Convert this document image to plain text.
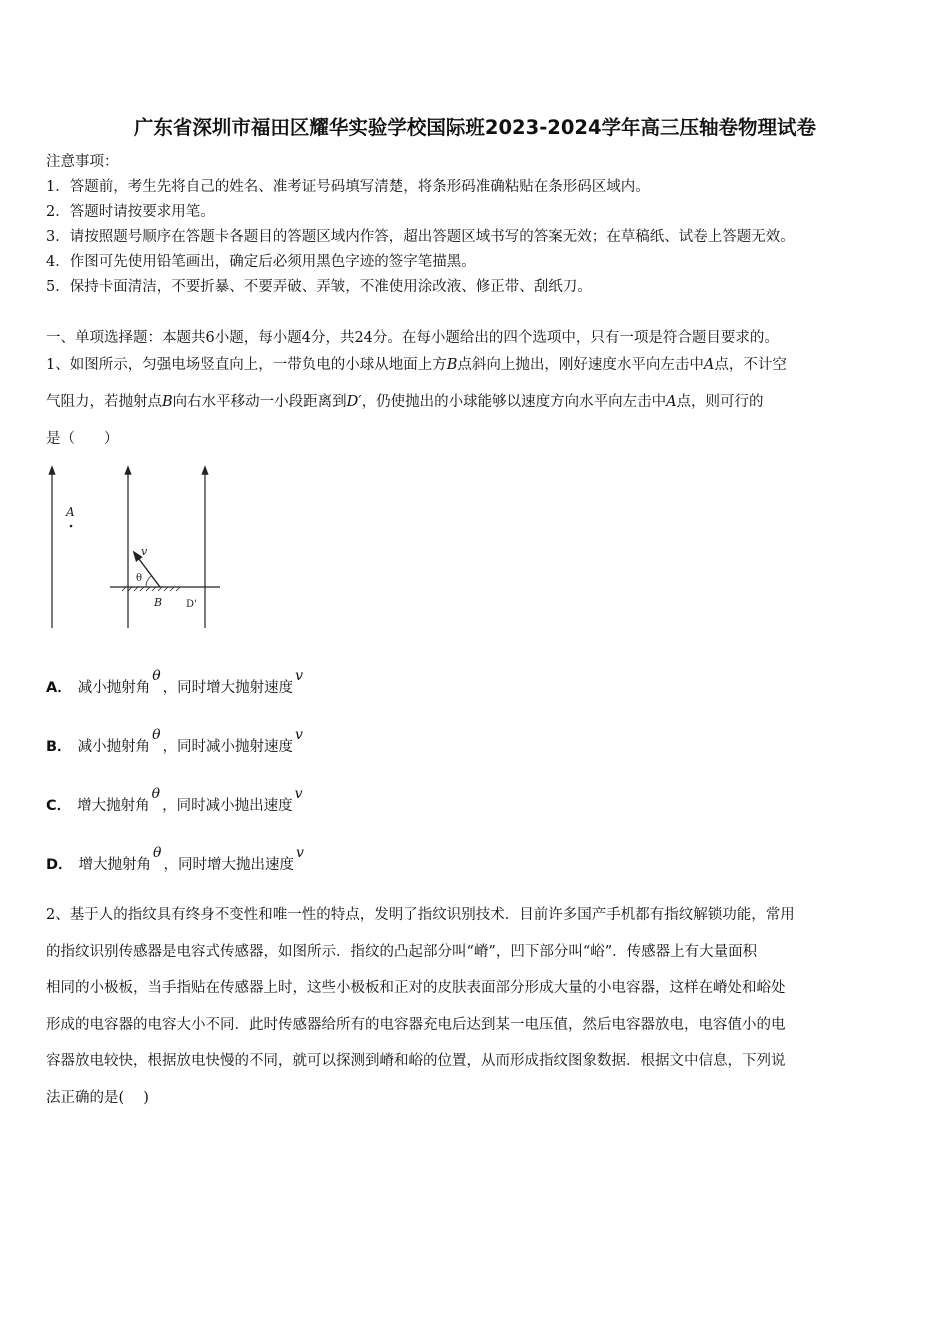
广东省深圳市福田区耀华实验学校国际班2023-2024学年高三压轴卷物理试卷
注意事项：
1．答题前，考生先将自己的姓名、准考证号码填写清楚，将条形码准确粘贴在条形码区域内。
2．答题时请按要求用笔。
3．请按照题号顺序在答题卡各题目的答题区域内作答，超出答题区域书写的答案无效；在草稿纸、试卷上答题无效。
4．作图可先使用铅笔画出，确定后必须用黑色字迹的签字笔描黑。
5．保持卡面清洁，不要折暴、不要弄破、弄皱，不准使用涂改液、修正带、刮纸刀。
一、单项选择题：本题共6小题，每小题4分，共24分。在每小题给出的四个选项中，只有一项是符合题目要求的。
1、如图所示，匀强电场竖直向上，一带负电的小球从地面上方B点斜向上抛出，刚好速度水平向左击中A点，不计空
气阻力，若抛射点B向右水平移动一小段距离到D′，仍使抛出的小球能够以速度方向水平向左击中A点，则可行的
是（　　）
A
v
θ
B D'
A． 减小抛射角θ，同时增大抛射速度v
B． 减小抛射角θ，同时减小抛射速度v
C． 增大抛射角θ，同时减小抛出速度v
D． 增大抛射角θ，同时增大抛出速度v
2、基于人的指纹具有终身不变性和唯一性的特点，发明了指纹识别技术．目前许多国产手机都有指纹解锁功能，常用
的指纹识别传感器是电容式传感器，如图所示．指纹的凸起部分叫“嵴”，凹下部分叫“峪”．传感器上有大量面积
相同的小极板，当手指贴在传感器上时，这些小极板和正对的皮肤表面部分形成大量的小电容器，这样在嵴处和峪处
形成的电容器的电容大小不同．此时传感器给所有的电容器充电后达到某一电压值，然后电容器放电，电容值小的电
容器放电较快，根据放电快慢的不同，就可以探测到嵴和峪的位置，从而形成指纹图象数据．根据文中信息，下列说
法正确的是(　 )
